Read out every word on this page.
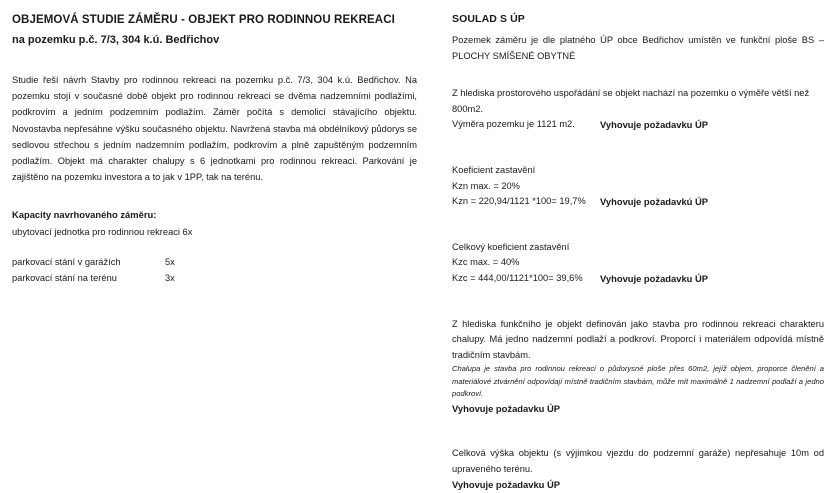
OBJEMOVÁ STUDIE ZÁMĚRU - OBJEKT PRO RODINNOU REKREACI
na pozemku p.č. 7/3, 304 k.ú. Bedřichov

Studie řeší návrh Stavby pro rodinnou rekreaci na pozemku p.č. 7/3, 304 k.ú. Bedřichov. Na pozemku stojí v současné době objekt pro rodinnou rekreaci se dvěma nadzemními podlažími, podkrovím a jedním podzemním podlažím. Záměr počítá s demolicí stávajícího objektu. Novostavba nepřesáhne výšku současného objektu. Navržená stavba má obdélníkový půdorys se sedlovou střechou s jedním nadzemním podlažím, podkrovím a plně zapuštěným podzemním podlažím. Objekt má charakter chalupy s 6 jednotkami pro rodinnou rekreaci. Parkování je zajištěno na pozemku investora a to jak v 1PP, tak na terénu.

Kapacity navrhovaného záměru:

ubytovací jednotka pro rodinnou rekreaci 6x

parkovací stání v garážích	5x
parkovací stání na terénu	3x
SOULAD S ÚP

Pozemek záměru je dle platného ÚP obce Bedřichov umístěn ve funkční ploše BS – PLOCHY SMÍŠENÉ OBYTNÉ

Z hlediska prostorového uspořádání se objekt nachází na pozemku o výměře větší než 800m2.

Výměra pozemku je 1121 m2.	Vyhovuje požadavku ÚP

Koeficient zastavění

Kzn max. = 20%

Kzn = 220,94/1121 *100= 19,7% Vyhovuje požadavkú ÚP

Celkový koeficient zastavění

Kzc max. = 40%

Kzc = 444,00/1121*100= 39,6% Vyhovuje požadavku ÚP

Z hlediska funkčního je objekt definován jako stavba pro rodinnou rekreaci charakteru chalupy. Má jedno nadzemní podlaží a podkroví. Proporcí i materiálem odpovídá místně tradičním stavbám.

Chalupa je stavba pro rodinnou rekreaci o půdorysné ploše přes 60m2, jejíž objem, proporce členění a materiálové ztvárnění odpovídají místně tradičním stavbám, může mít maximálně 1 nadzemní podlaží a jedno podkroví.

Vyhovuje požadavku ÚP

Celková výška objektu (s výjimkou vjezdu do podzemní garáže) nepřesahuje 10m od upraveného terénu.

Vyhovuje požadavku ÚP
